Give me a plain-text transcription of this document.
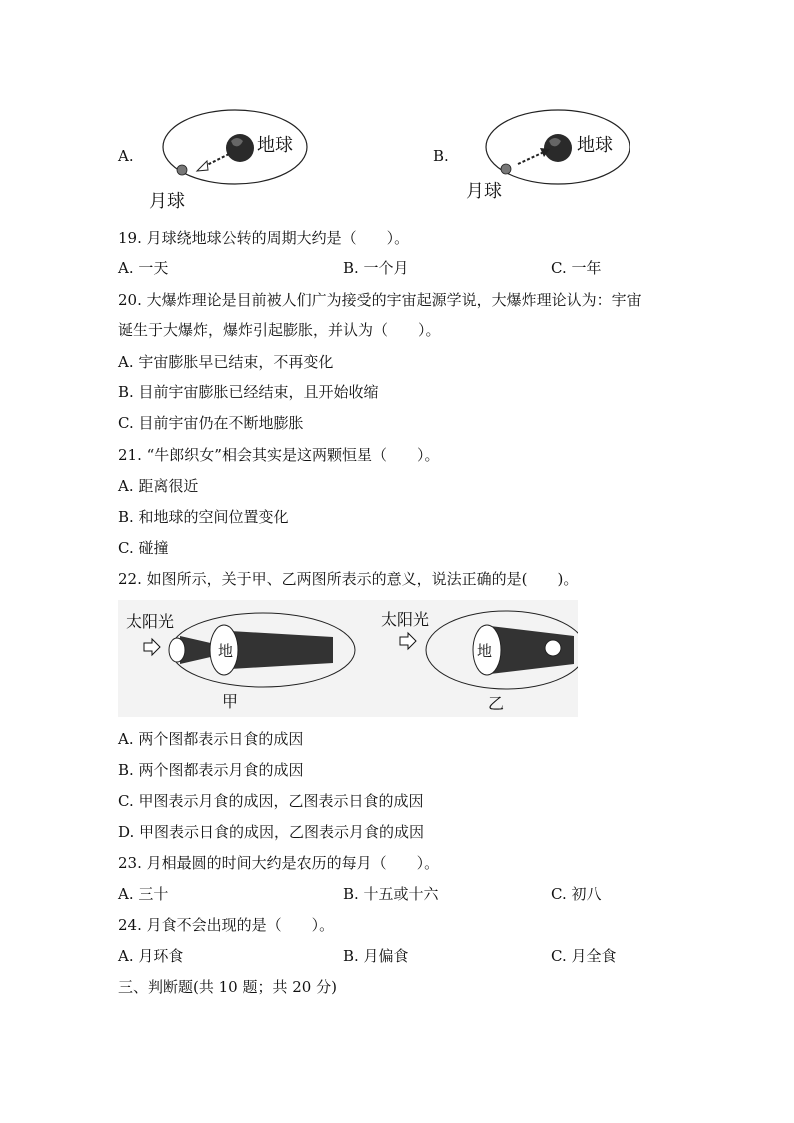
A.	地球
月球
B.	地球
月球
19. 月球绕地球公转的周期大约是（　　）。
A. 一天	B. 一个月	C. 一年
20. 大爆炸理论是目前被人们广为接受的宇宙起源学说，大爆炸理论认为：宇宙
诞生于大爆炸，爆炸引起膨胀，并认为（　　）。
A. 宇宙膨胀早已结束，不再变化
B. 目前宇宙膨胀已经结束，且开始收缩
C. 目前宇宙仍在不断地膨胀
21. “牛郎织女”相会其实是这两颗恒星（　　）。
A. 距离很近
B. 和地球的空间位置变化
C. 碰撞
22. 如图所示，关于甲、乙两图所表示的意义，说法正确的是(　　)。
太阳光
地
甲
太阳光
地
乙
A. 两个图都表示日食的成因
B. 两个图都表示月食的成因
C. 甲图表示月食的成因，乙图表示日食的成因
D. 甲图表示日食的成因，乙图表示月食的成因
23. 月相最圆的时间大约是农历的每月（　　）。
A. 三十	B. 十五或十六	C. 初八
24. 月食不会出现的是（　　）。
A. 月环食	B. 月偏食	C. 月全食
三、判断题(共 10 题；共 20 分)
